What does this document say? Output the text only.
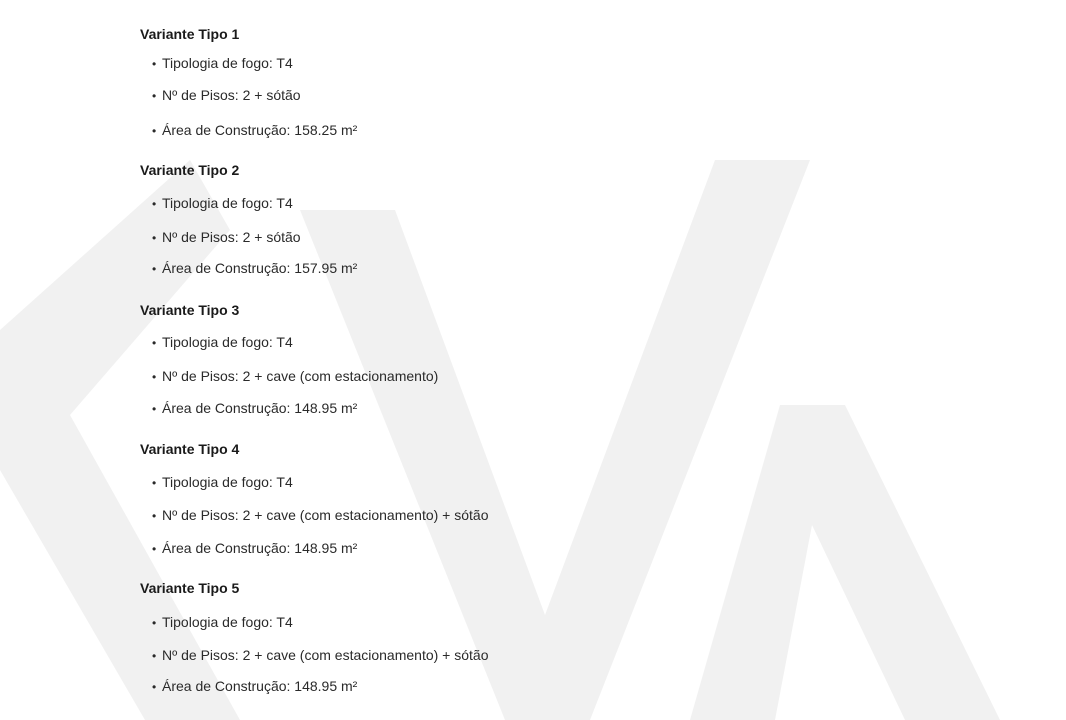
Variante Tipo 1
• Tipologia de fogo: T4
• Nº de Pisos: 2 + sótão
• Área de Construção: 158.25 m²
Variante Tipo 2
• Tipologia de fogo: T4
• Nº de Pisos: 2 + sótão
• Área de Construção: 157.95 m²
Variante Tipo 3
• Tipologia de fogo: T4
• Nº de Pisos: 2 + cave (com estacionamento)
• Área de Construção: 148.95 m²
Variante Tipo 4
• Tipologia de fogo: T4
• Nº de Pisos: 2 + cave (com estacionamento) + sótão
• Área de Construção: 148.95 m²
Variante Tipo 5
• Tipologia de fogo: T4
• Nº de Pisos: 2 + cave (com estacionamento) + sótão
• Área de Construção: 148.95 m²
